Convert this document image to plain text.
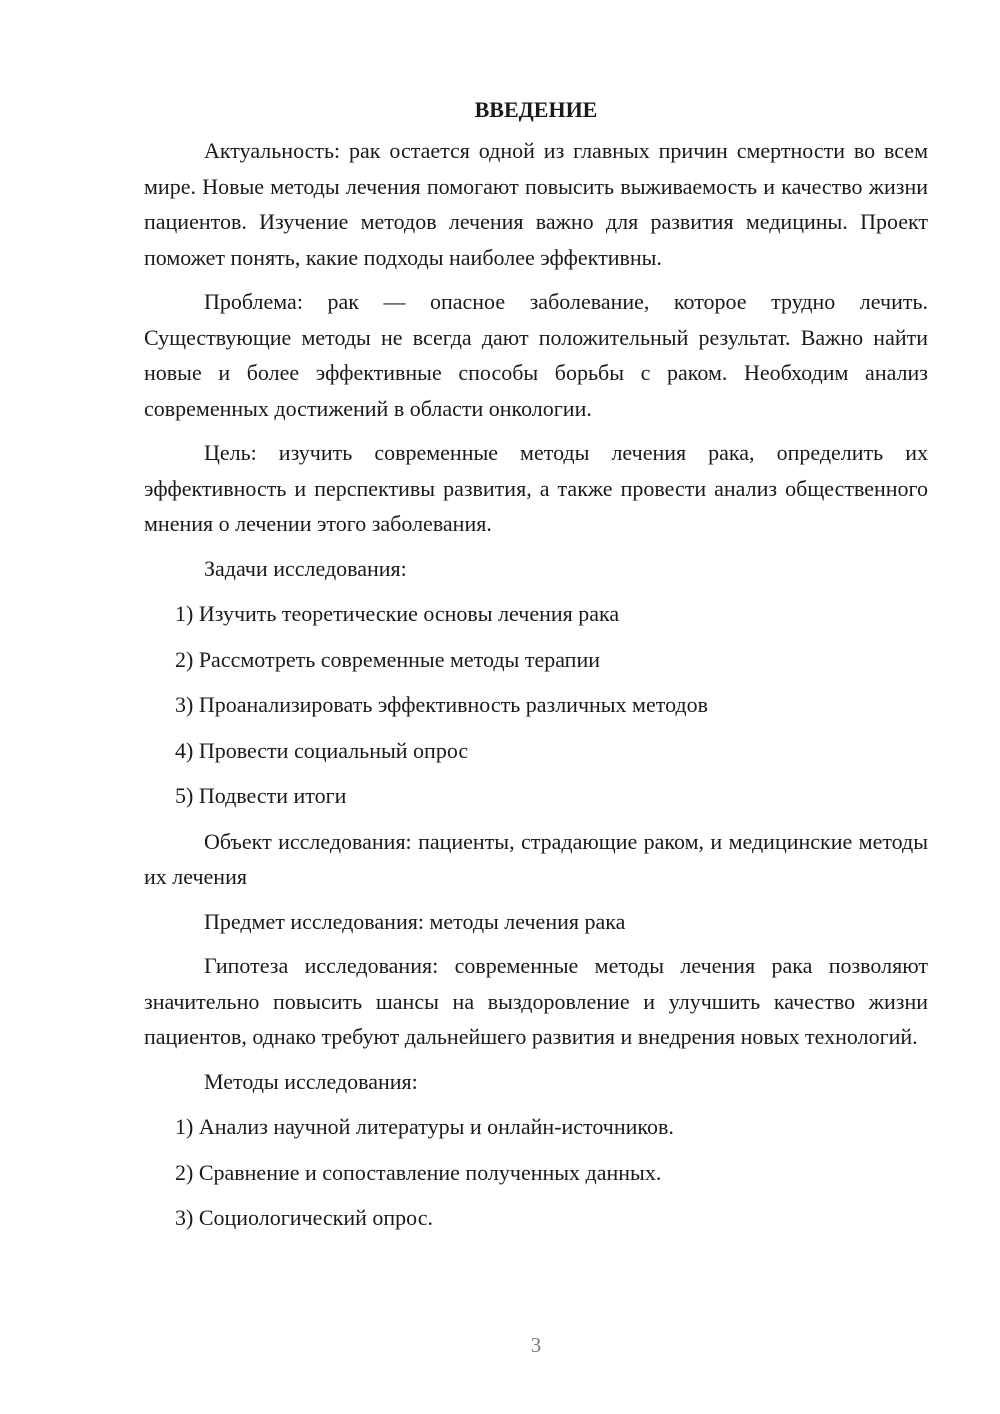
ВВЕДЕНИЕ

Актуальность: рак остается одной из главных причин смертности во всем мире. Новые методы лечения помогают повысить выживаемость и качество жизни пациентов. Изучение методов лечения важно для развития медицины. Проект поможет понять, какие подходы наиболее эффективны.

Проблема: рак — опасное заболевание, которое трудно лечить. Существующие методы не всегда дают положительный результат. Важно найти новые и более эффективные способы борьбы с раком. Необходим анализ современных достижений в области онкологии.

Цель: изучить современные методы лечения рака, определить их эффективность и перспективы развития, а также провести анализ общественного мнения о лечении этого заболевания.

Задачи исследования:
1) Изучить теоретические основы лечения рака
2) Рассмотреть современные методы терапии
3) Проанализировать эффективность различных методов
4) Провести социальный опрос
5) Подвести итоги

Объект исследования: пациенты, страдающие раком, и медицинские методы их лечения

Предмет исследования: методы лечения рака

Гипотеза исследования: современные методы лечения рака позволяют значительно повысить шансы на выздоровление и улучшить качество жизни пациентов, однако требуют дальнейшего развития и внедрения новых технологий.

Методы исследования:
1) Анализ научной литературы и онлайн-источников.
2) Сравнение и сопоставление полученных данных.
3) Социологический опрос.
3
